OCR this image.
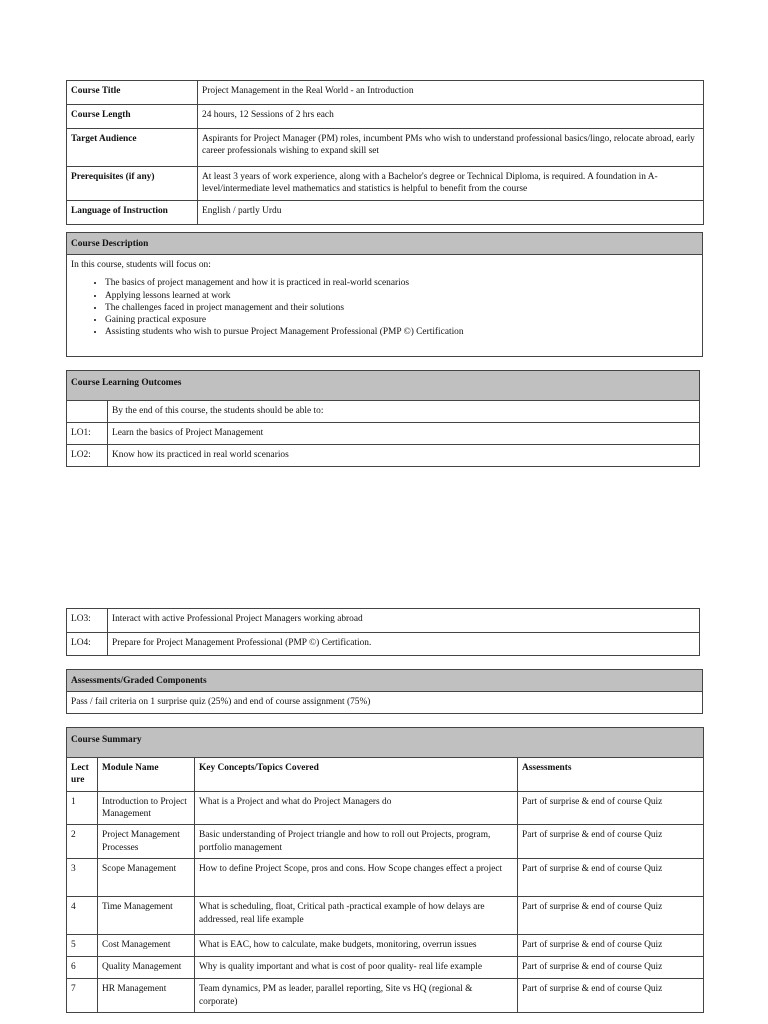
Course Title	Project Management in the Real World - an Introduction
Course Length	24 hours, 12 Sessions of 2 hrs each
Target Audience	Aspirants for Project Manager (PM) roles, incumbent PMs who wish to understand professional basics/lingo, relocate abroad, early career professionals wishing to expand skill set
Prerequisites (if any)	At least 3 years of work experience, along with a Bachelor's degree or Technical Diploma, is required. A foundation in A-level/intermediate level mathematics and statistics is helpful to benefit from the course
Language of Instruction	English / partly Urdu
Course Description

In this course, students will focus on:
• The basics of project management and how it is practiced in real-world scenarios
• Applying lessons learned at work
• The challenges faced in project management and their solutions
• Gaining practical exposure
• Assisting students who wish to pursue Project Management Professional (PMP ©) Certification
Course Learning Outcomes	
	By the end of this course, the students should be able to:
LO1:	Learn the basics of Project Management
LO2:	Know how its practiced in real world scenarios
LO3:	Interact with active Professional Project Managers working abroad
LO4:	Prepare for Project Management Professional (PMP ©) Certification.
Assessments/Graded Components
Pass / fail criteria on 1 surprise quiz (25%) and end of course assignment (75%)
Course Summary			
Lect ure	Module Name	Key Concepts/Topics Covered	Assessments
1	Introduction to Project Management	What is a Project and what do Project Managers do	Part of surprise & end of course Quiz
2	Project Management Processes	Basic understanding of Project triangle and how to roll out Projects, program, portfolio management	Part of surprise & end of course Quiz
3	Scope Management	How to define Project Scope, pros and cons. How Scope changes effect a project	Part of surprise & end of course Quiz
4	Time Management	What is scheduling, float, Critical path -practical example of how delays are addressed, real life example	Part of surprise & end of course Quiz
5	Cost Management	What is EAC, how to calculate, make budgets, monitoring, overrun issues	Part of surprise & end of course Quiz
6	Quality Management	Why is quality important and what is cost of poor quality- real life example	Part of surprise & end of course Quiz
7	HR Management	Team dynamics, PM as leader, parallel reporting, Site vs HQ (regional & corporate)	Part of surprise & end of course Quiz
